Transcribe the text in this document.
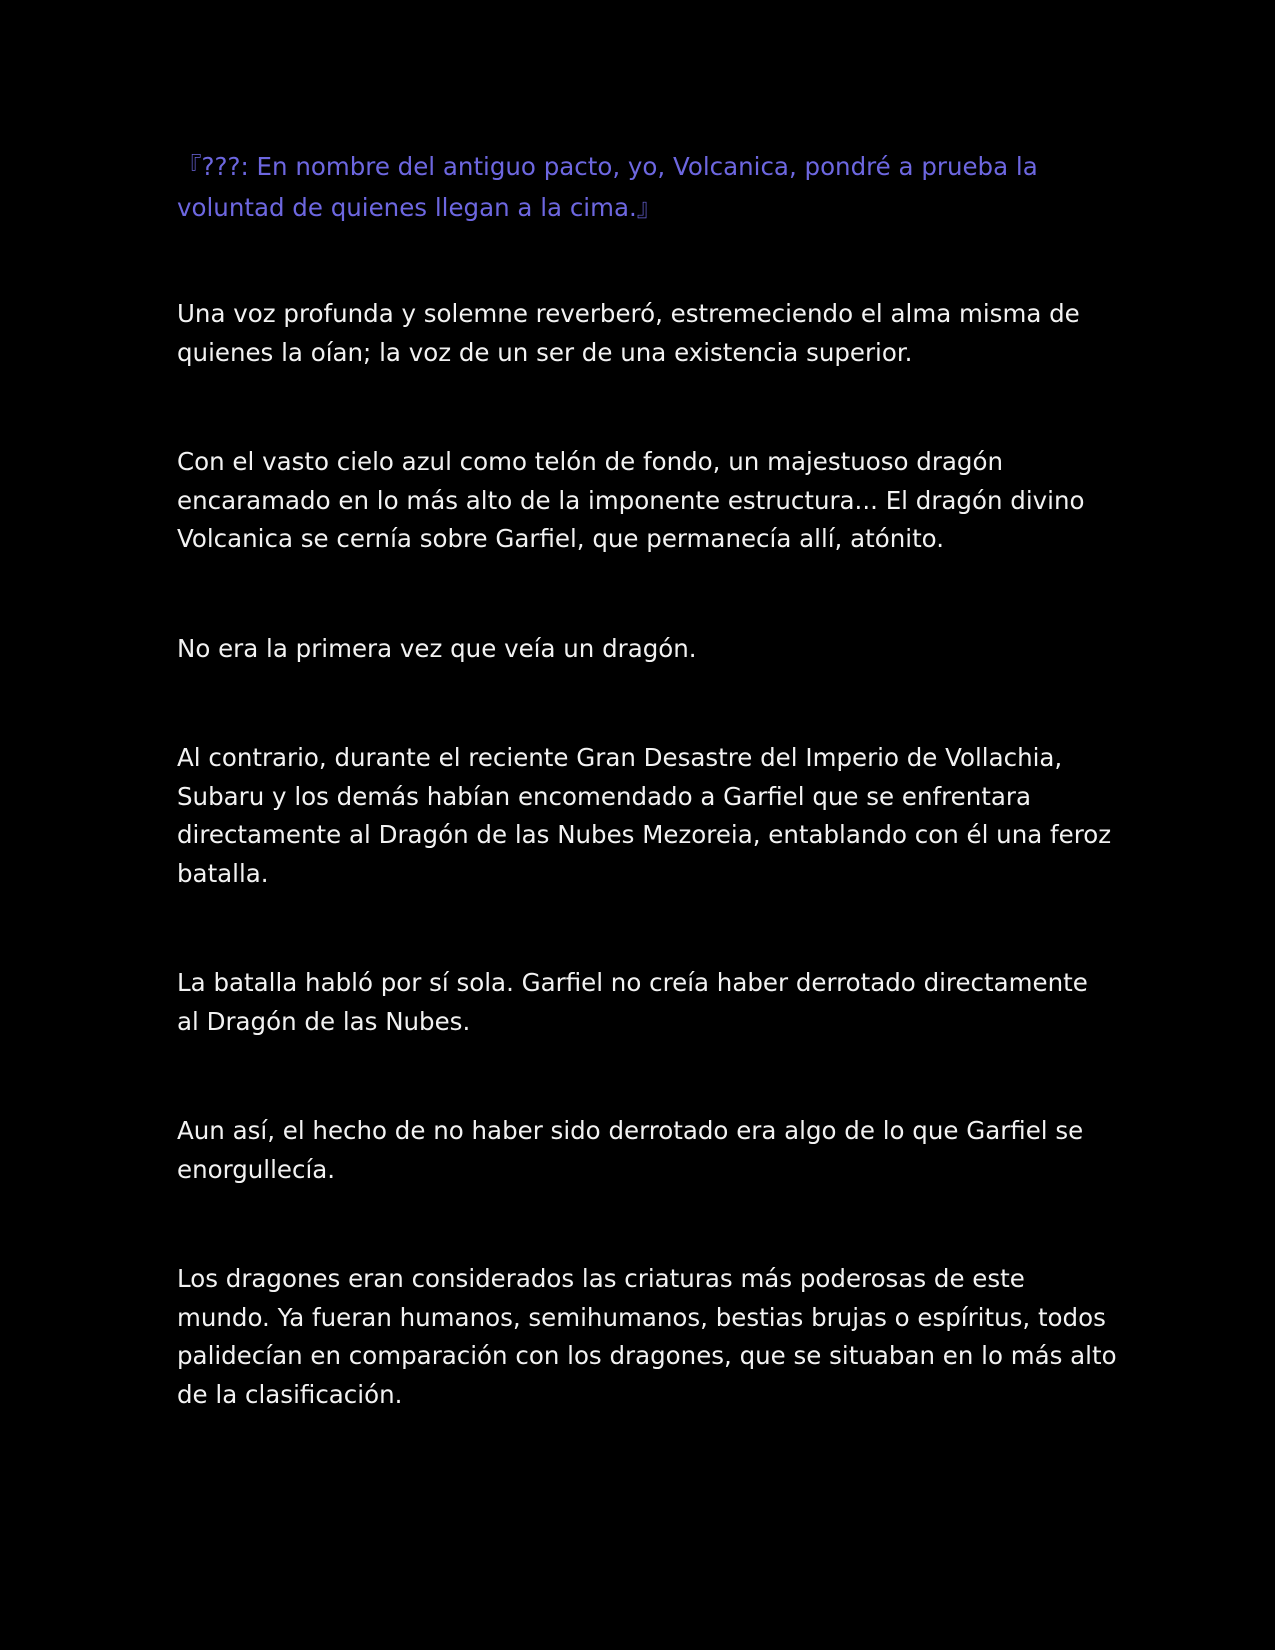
『???: En nombre del antiguo pacto, yo, Volcanica, pondré a prueba la voluntad de quienes llegan a la cima.』

Una voz profunda y solemne reverberó, estremeciendo el alma misma de quienes la oían; la voz de un ser de una existencia superior.

Con el vasto cielo azul como telón de fondo, un majestuoso dragón encaramado en lo más alto de la imponente estructura... El dragón divino Volcanica se cernía sobre Garfiel, que permanecía allí, atónito.

No era la primera vez que veía un dragón.

Al contrario, durante el reciente Gran Desastre del Imperio de Vollachia, Subaru y los demás habían encomendado a Garfiel que se enfrentara directamente al Dragón de las Nubes Mezoreia, entablando con él una feroz batalla.

La batalla habló por sí sola. Garfiel no creía haber derrotado directamente al Dragón de las Nubes.

Aun así, el hecho de no haber sido derrotado era algo de lo que Garfiel se enorgullecía.

Los dragones eran considerados las criaturas más poderosas de este mundo. Ya fueran humanos, semihumanos, bestias brujas o espíritus, todos palidecían en comparación con los dragones, que se situaban en lo más alto de la clasificación.
